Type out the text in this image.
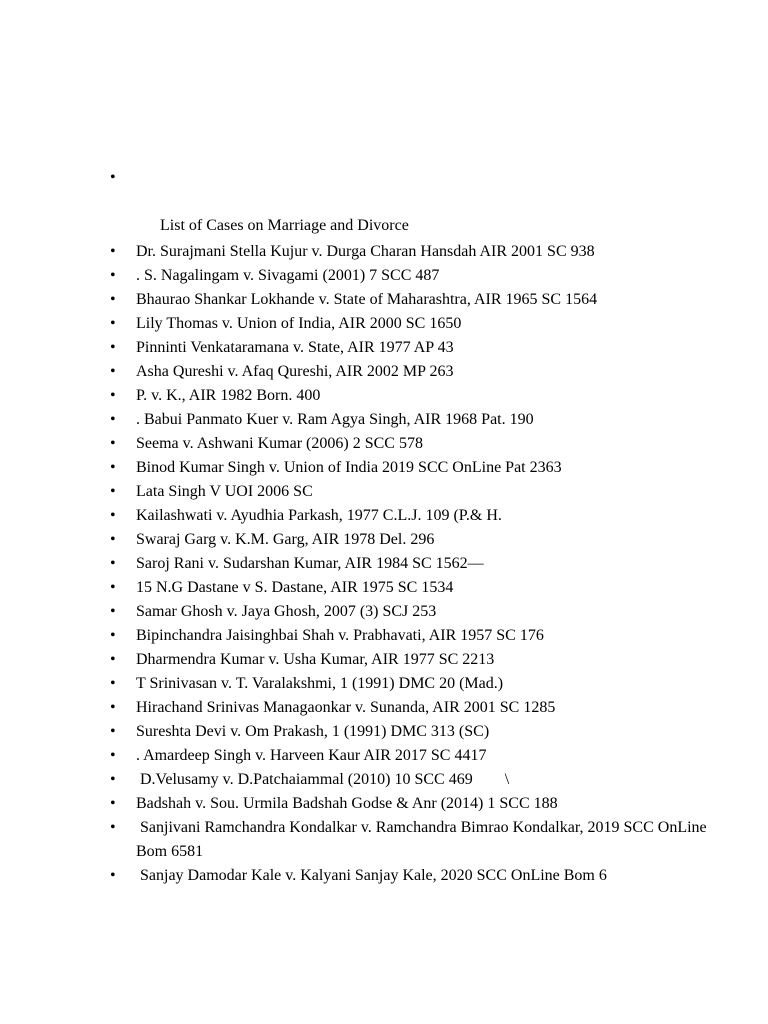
•

List of Cases on Marriage and Divorce

• Dr. Surajmani Stella Kujur v. Durga Charan Hansdah AIR 2001 SC 938
• . S. Nagalingam v. Sivagami (2001) 7 SCC 487
• Bhaurao Shankar Lokhande v. State of Maharashtra, AIR 1965 SC 1564
• Lily Thomas v. Union of India, AIR 2000 SC 1650
• Pinninti Venkataramana v. State, AIR 1977 AP 43
• Asha Qureshi v. Afaq Qureshi, AIR 2002 MP 263
• P. v. K., AIR 1982 Born. 400
• . Babui Panmato Kuer v. Ram Agya Singh, AIR 1968 Pat. 190
• Seema v. Ashwani Kumar (2006) 2 SCC 578
• Binod Kumar Singh v. Union of India 2019 SCC OnLine Pat 2363
• Lata Singh V UOI 2006 SC
• Kailashwati v. Ayudhia Parkash, 1977 C.L.J. 109 (P.& H.
• Swaraj Garg v. K.M. Garg, AIR 1978 Del. 296
• Saroj Rani v. Sudarshan Kumar, AIR 1984 SC 1562—
• 15 N.G Dastane v S. Dastane, AIR 1975 SC 1534
• Samar Ghosh v. Jaya Ghosh, 2007 (3) SCJ 253
• Bipinchandra Jaisinghbai Shah v. Prabhavati, AIR 1957 SC 176
• Dharmendra Kumar v. Usha Kumar, AIR 1977 SC 2213
• T Srinivasan v. T. Varalakshmi, 1 (1991) DMC 20 (Mad.)
• Hirachand Srinivas Managaonkar v. Sunanda, AIR 2001 SC 1285
• Sureshta Devi v. Om Prakash, 1 (1991) DMC 313 (SC)
• . Amardeep Singh v. Harveen Kaur AIR 2017 SC 4417
• D.Velusamy v. D.Patchaiammal (2010) 10 SCC 469        \
• Badshah v. Sou. Urmila Badshah Godse & Anr (2014) 1 SCC 188
• Sanjivani Ramchandra Kondalkar v. Ramchandra Bimrao Kondalkar, 2019 SCC OnLine Bom 6581
• Sanjay Damodar Kale v. Kalyani Sanjay Kale, 2020 SCC OnLine Bom 6
